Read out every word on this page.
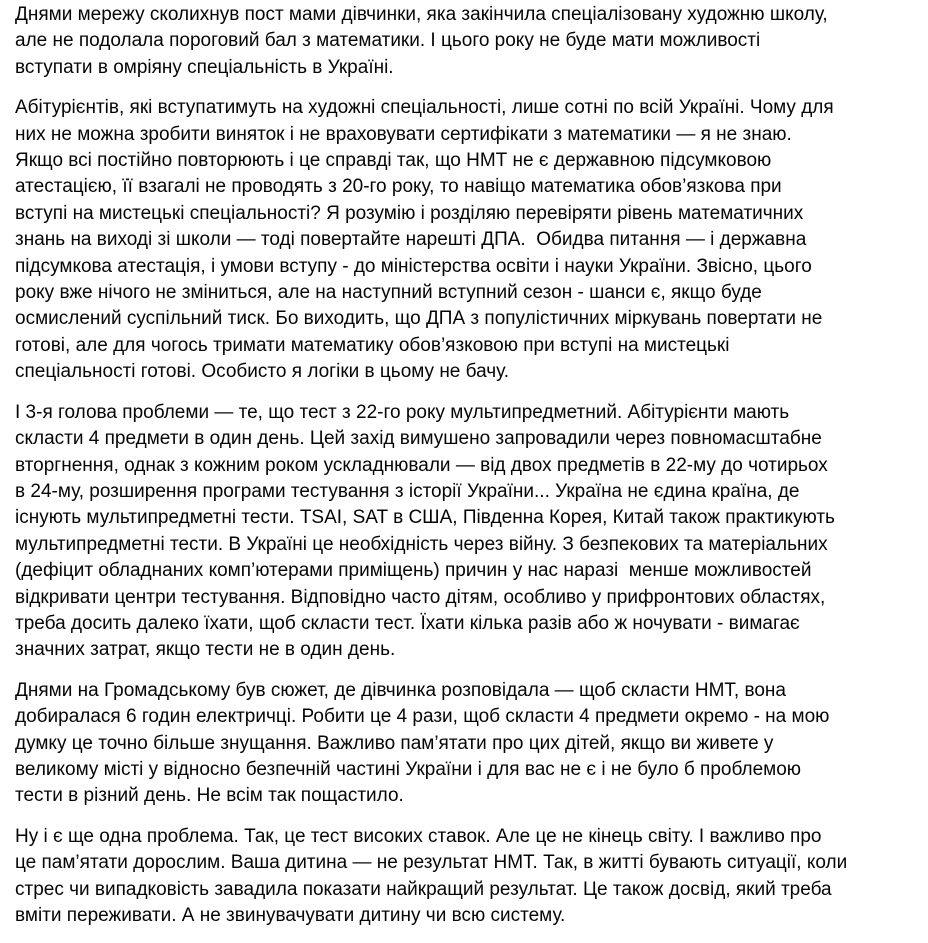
Днями мережу сколихнув пост мами дівчинки, яка закінчила спеціалізовану художню школу,
але не подолала пороговий бал з математики. І цього року не буде мати можливості
вступати в омріяну спеціальність в Україні.
Абітурієнтів, які вступатимуть на художні спеціальності, лише сотні по всій Україні. Чому для
них не можна зробити виняток і не враховувати сертифікати з математики — я не знаю.
Якщо всі постійно повторюють і це справді так, що НМТ не є державною підсумковою
атестацією, її взагалі не проводять з 20-го року, то навіщо математика обов’язкова при
вступі на мистецькі спеціальності? Я розумію і розділяю перевіряти рівень математичних
знань на виході зі школи — тоді повертайте нарешті ДПА.  Обидва питання — і державна
підсумкова атестація, і умови вступу - до міністерства освіти і науки України. Звісно, цього
року вже нічого не зміниться, але на наступний вступний сезон - шанси є, якщо буде
осмислений суспільний тиск. Бо виходить, що ДПА з популістичних міркувань повертати не
готові, але для чогось тримати математику обов’язковою при вступі на мистецькі
спеціальності готові. Особисто я логіки в цьому не бачу.
І 3-я голова проблеми — те, що тест з 22-го року мультипредметний. Абітурієнти мають
скласти 4 предмети в один день. Цей захід вимушено запровадили через повномасштабне
вторгнення, однак з кожним роком ускладнювали — від двох предметів в 22-му до чотирьох
в 24-му, розширення програми тестування з історії України... Україна не єдина країна, де
існують мультипредметні тести. TSAI, SAT в США, Південна Корея, Китай також практикують
мультипредметні тести. В Україні це необхідність через війну. З безпекових та матеріальних
(дефіцит обладнаних комп’ютерами приміщень) причин у нас наразі  менше можливостей
відкривати центри тестування. Відповідно часто дітям, особливо у прифронтових областях,
треба досить далеко їхати, щоб скласти тест. Їхати кілька разів або ж ночувати - вимагає
значних затрат, якщо тести не в один день.
Днями на Громадському був сюжет, де дівчинка розповідала — щоб скласти НМТ, вона
добиралася 6 годин електричці. Робити це 4 рази, щоб скласти 4 предмети окремо - на мою
думку це точно більше знущання. Важливо пам’ятати про цих дітей, якщо ви живете у
великому місті у відносно безпечній частині України і для вас не є і не було б проблемою
тести в різний день. Не всім так пощастило.
Ну і є ще одна проблема. Так, це тест високих ставок. Але це не кінець світу. І важливо про
це пам’ятати дорослим. Ваша дитина — не результат НМТ. Так, в житті бувають ситуації, коли
стрес чи випадковість завадила показати найкращий результат. Це також досвід, який треба
вміти переживати. А не звинувачувати дитину чи всю систему.
